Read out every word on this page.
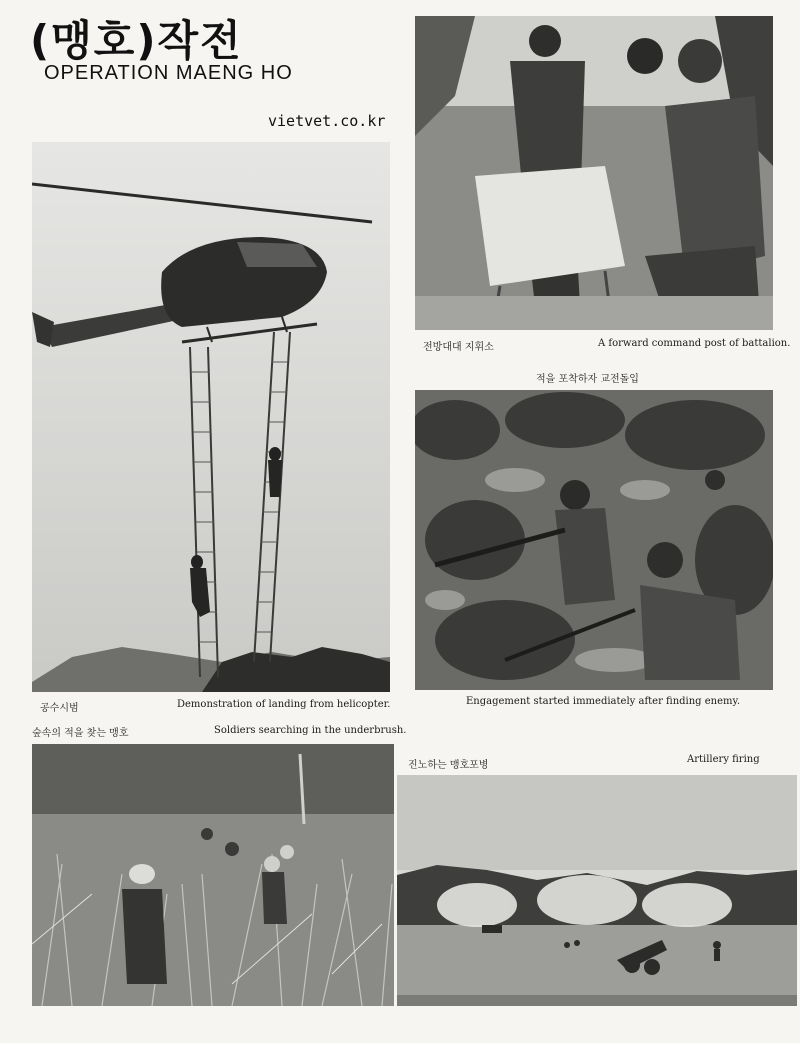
(맹호)작전
OPERATION MAENG HO
vietvet.co.kr
공수시범	Demonstration of landing from helicopter.
전방대대 지휘소	A forward command post of battalion.
적을 포착하자 교전돌입
Engagement started immediately after finding enemy.
숲속의 적을 찾는 맹호	Soldiers searching in the underbrush.
진노하는 맹호포병
Artillery firing
